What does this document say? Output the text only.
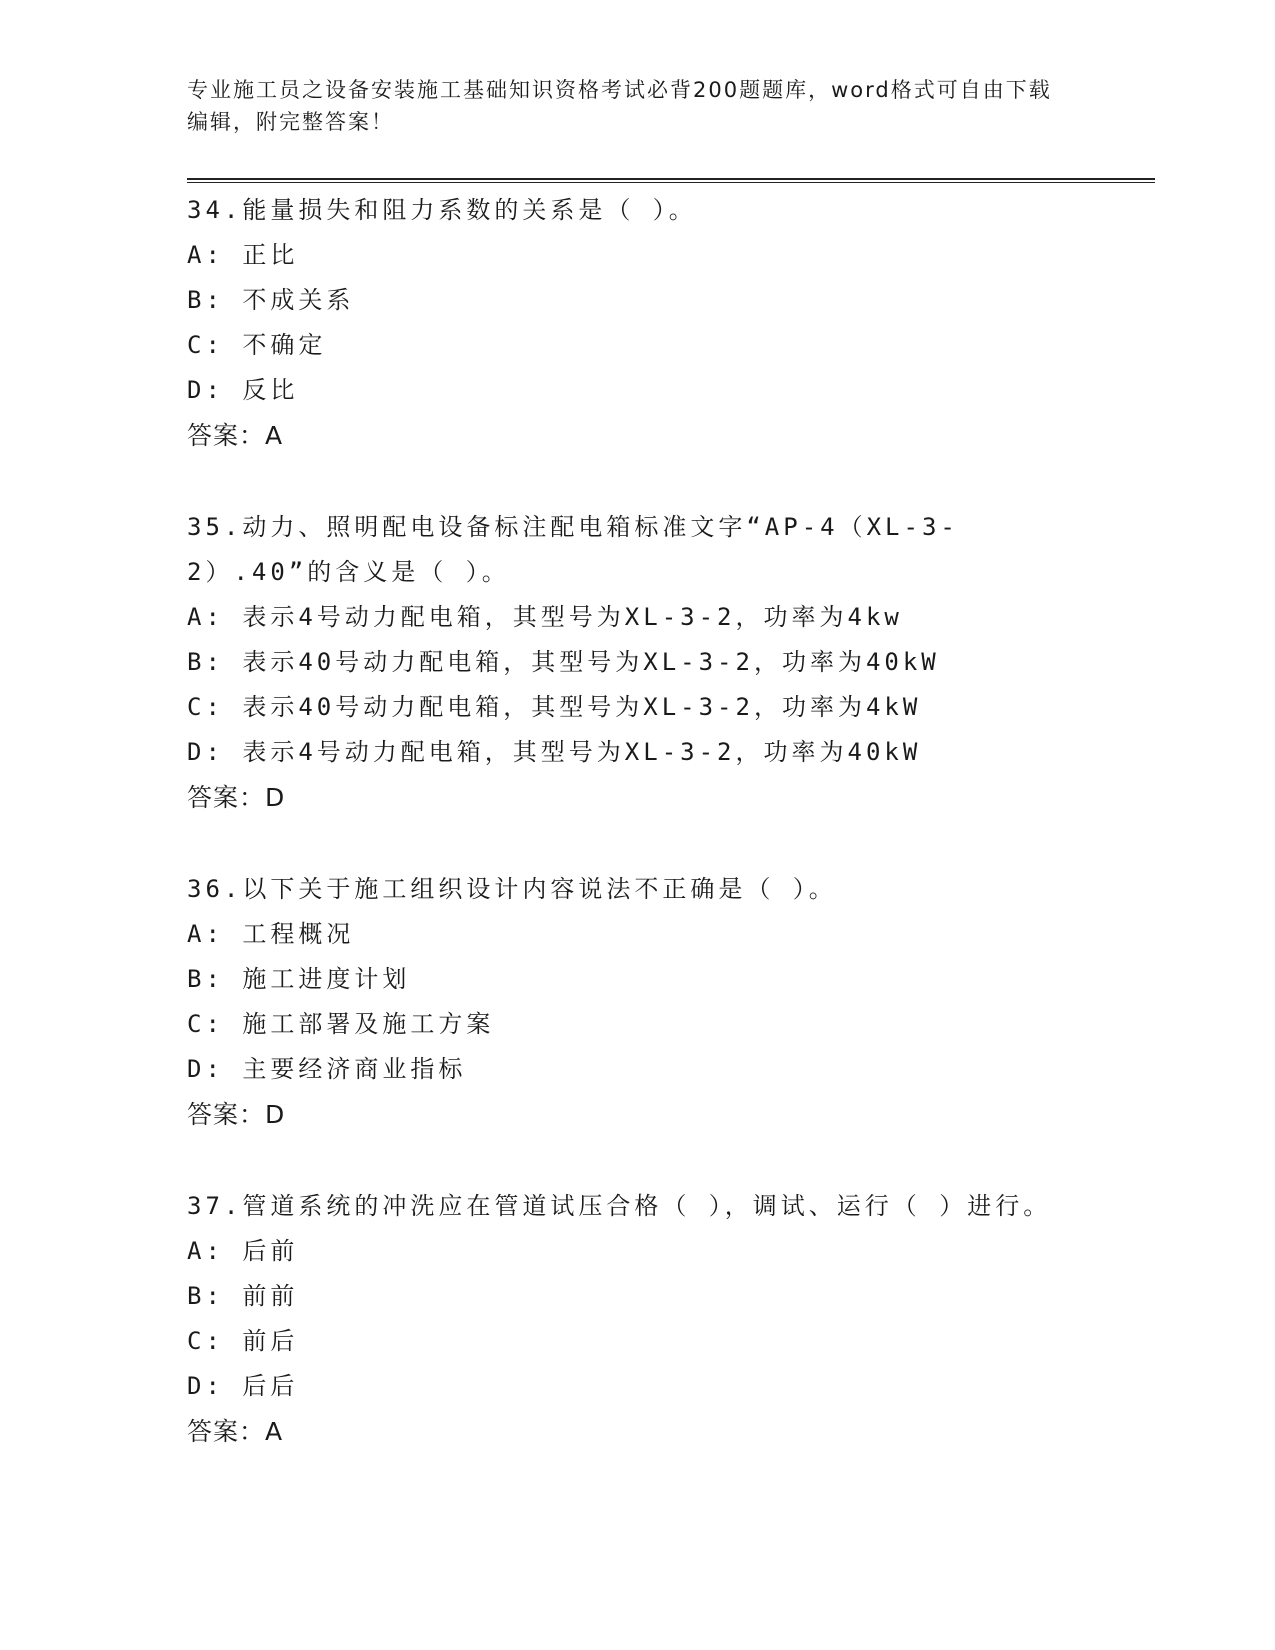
专业施工员之设备安装施工基础知识资格考试必背200题题库，word格式可自由下载编辑，附完整答案！
34.能量损失和阻力系数的关系是（ ）。
A: 正比
B: 不成关系
C: 不确定
D: 反比
答案：A
35.动力、照明配电设备标注配电箱标准文字“AP-4（XL-3-2）.40”的含义是（ ）。
A: 表示4号动力配电箱，其型号为XL-3-2，功率为4kw
B: 表示40号动力配电箱，其型号为XL-3-2，功率为40kW
C: 表示40号动力配电箱，其型号为XL-3-2，功率为4kW
D: 表示4号动力配电箱，其型号为XL-3-2，功率为40kW
答案：D
36.以下关于施工组织设计内容说法不正确是（ ）。
A: 工程概况
B: 施工进度计划
C: 施工部署及施工方案
D: 主要经济商业指标
答案：D
37.管道系统的冲洗应在管道试压合格（ ），调试、运行（ ）进行。
A: 后前
B: 前前
C: 前后
D: 后后
答案：A
